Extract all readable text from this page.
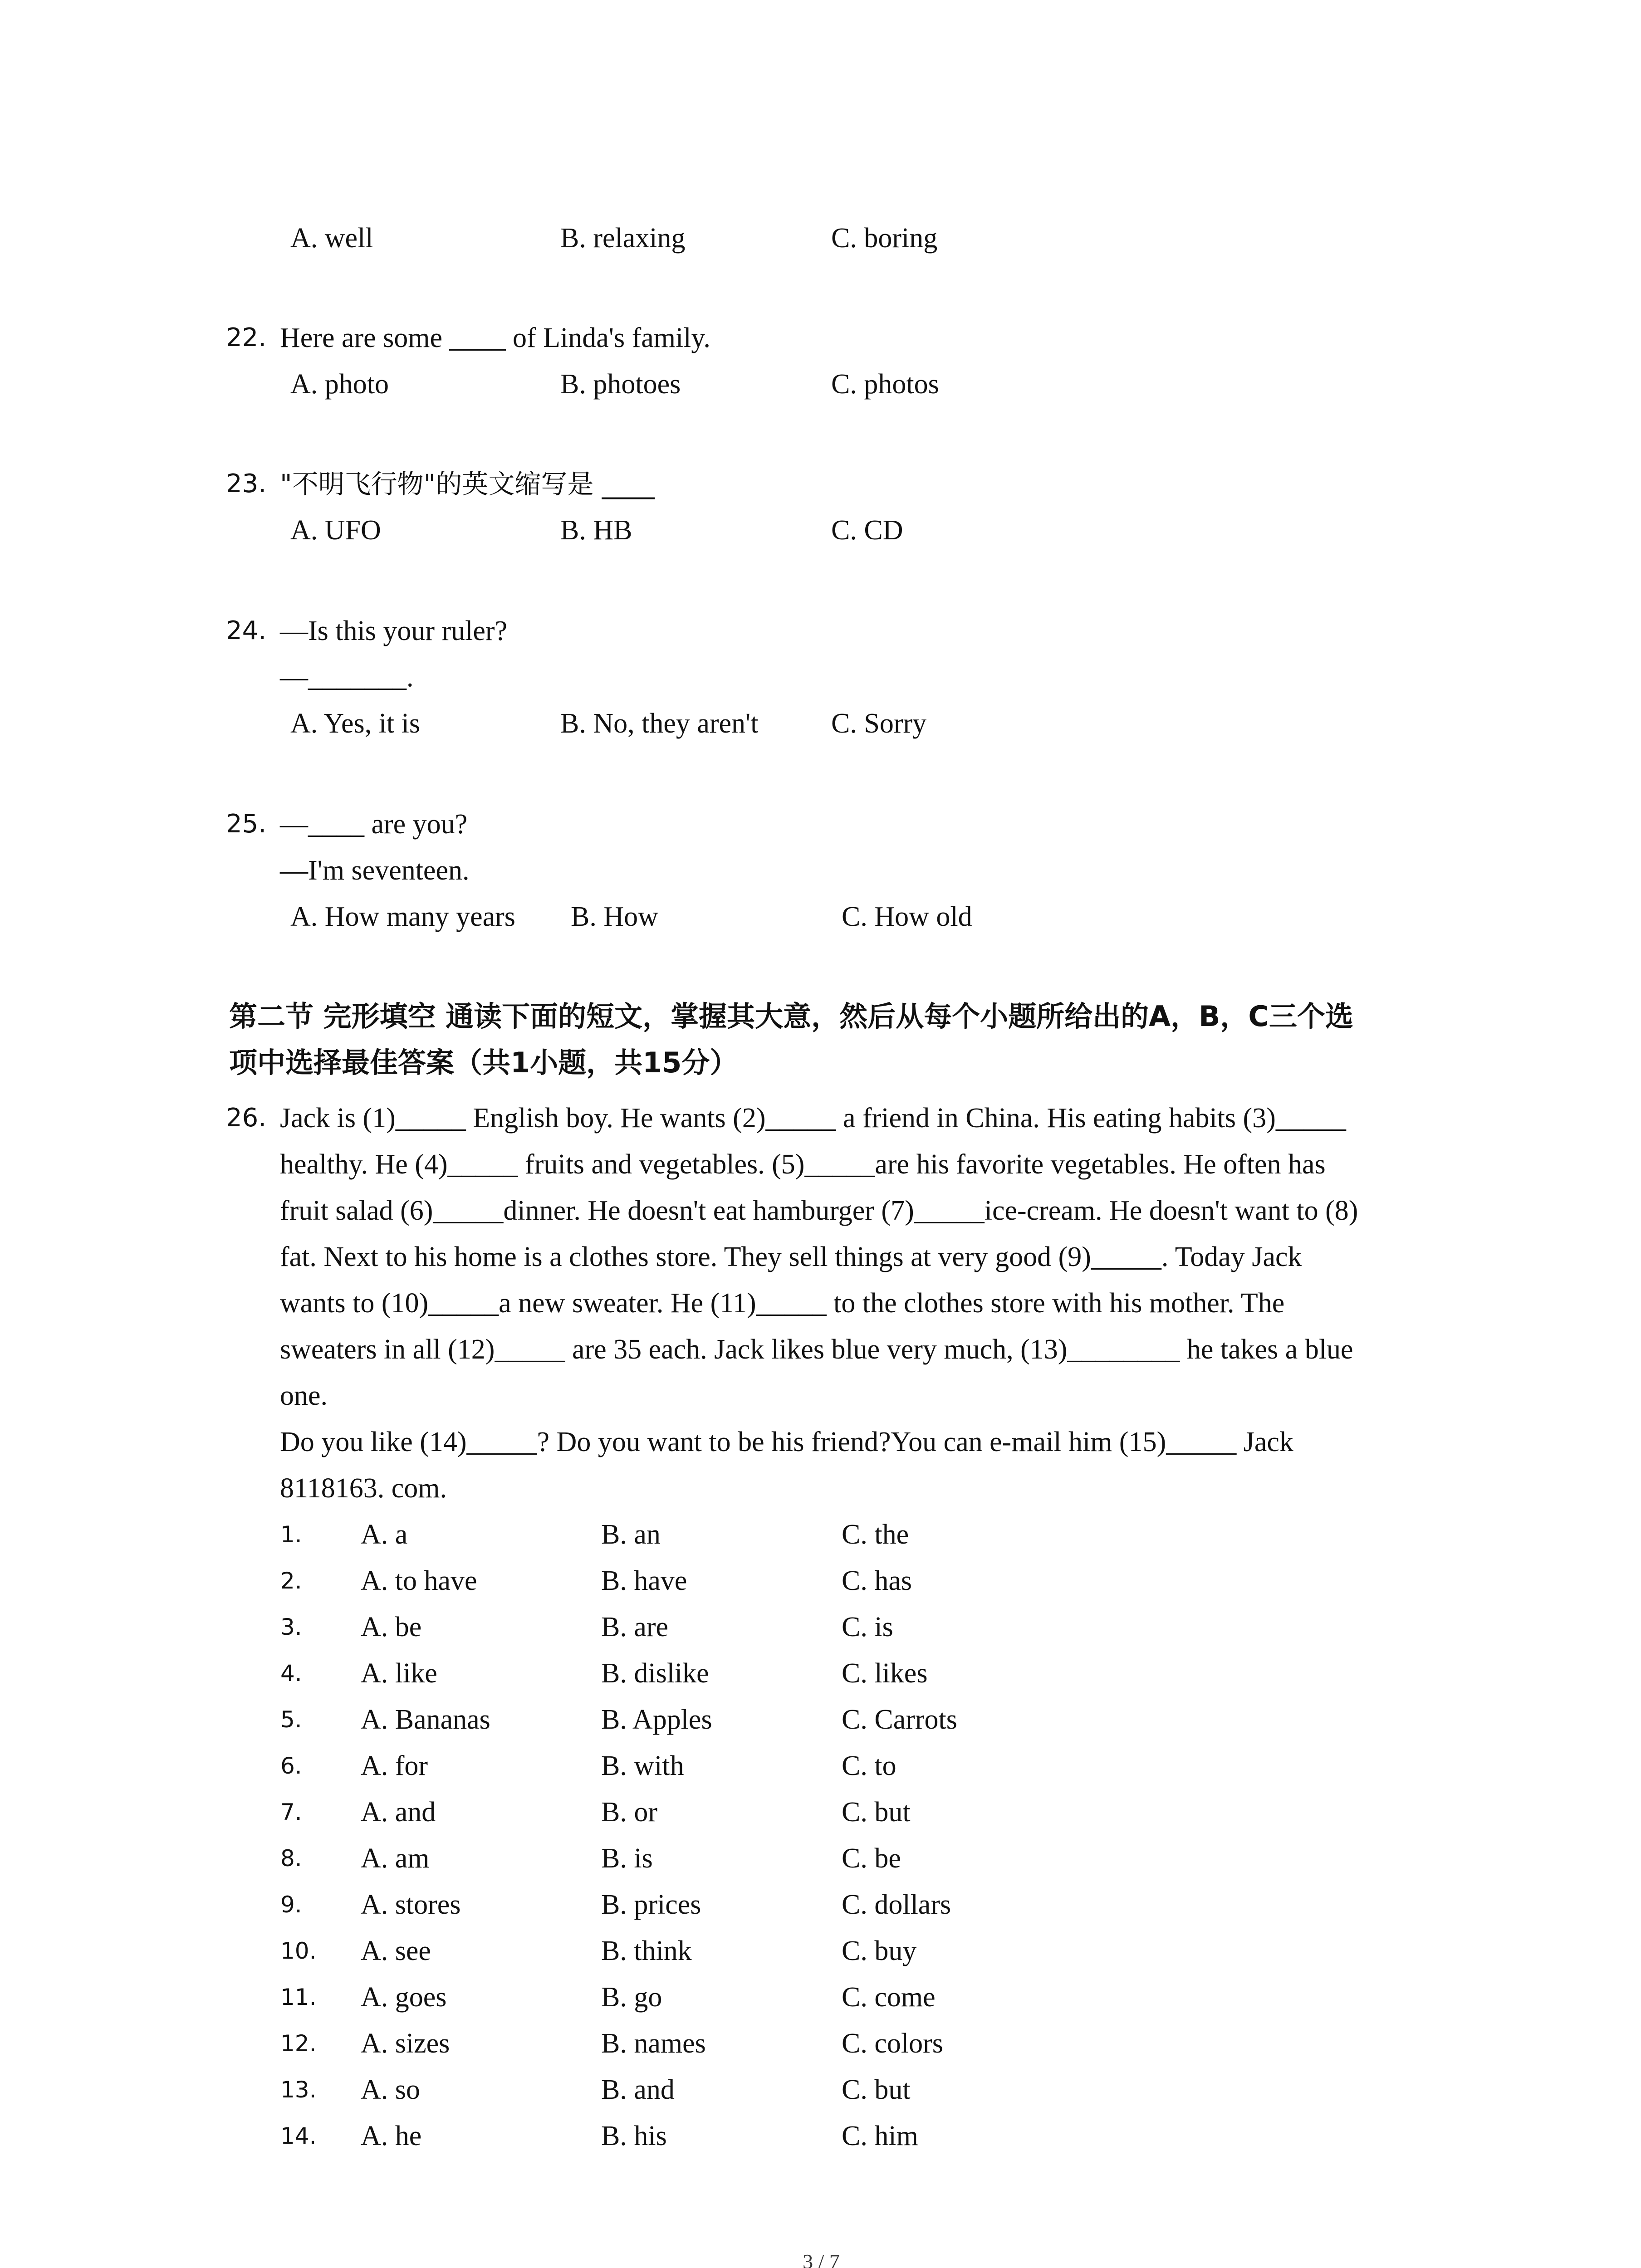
A. well	B. relaxing	C. boring
22. Here are some ____ of Linda's family.
A. photo	B. photoes	C. photos
23. "不明飞行物"的英文缩写是 ____
A. UFO	B. HB	C. CD
24. —Is this your ruler?
—_______.
A. Yes, it is	B. No, they aren't	C. Sorry
25. —____ are you?
—I'm seventeen.
A. How many years B. How	C. How old
第二节 完形填空 通读下面的短文，掌握其大意，然后从每个小题所给出的A，B，C三个选
项中选择最佳答案（共1小题，共15分）
26. Jack is (1)_____ English boy. He wants (2)_____ a friend in China. His eating habits (3)_____
healthy. He (4)_____ fruits and vegetables. (5)_____are his favorite vegetables. He often has
fruit salad (6)_____dinner. He doesn't eat hamburger (7)_____ice-cream. He doesn't want to (8)
fat. Next to his home is a clothes store. They sell things at very good (9)_____. Today Jack
wants to (10)_____a new sweater. He (11)_____ to the clothes store with his mother. The
sweaters in all (12)_____ are 35 each. Jack likes blue very much, (13)________ he takes a blue
one.
Do you like (14)_____? Do you want to be his friend?You can e-mail him (15)_____ Jack
8118163. com.
1. A. a	B. an	C. the
2. A. to have	B. have	C. has
3. A. be	B. are	C. is
4. A. like	B. dislike	C. likes
5. A. Bananas	B. Apples	C. Carrots
6. A. for	B. with	C. to
7. A. and	B. or	C. but
8. A. am	B. is	C. be
9. A. stores	B. prices	C. dollars
10. A. see	B. think	C. buy
11. A. goes	B. go	C. come
12. A. sizes	B. names	C. colors
13. A. so	B. and	C. but
14. A. he	B. his	C. him
3 / 7
